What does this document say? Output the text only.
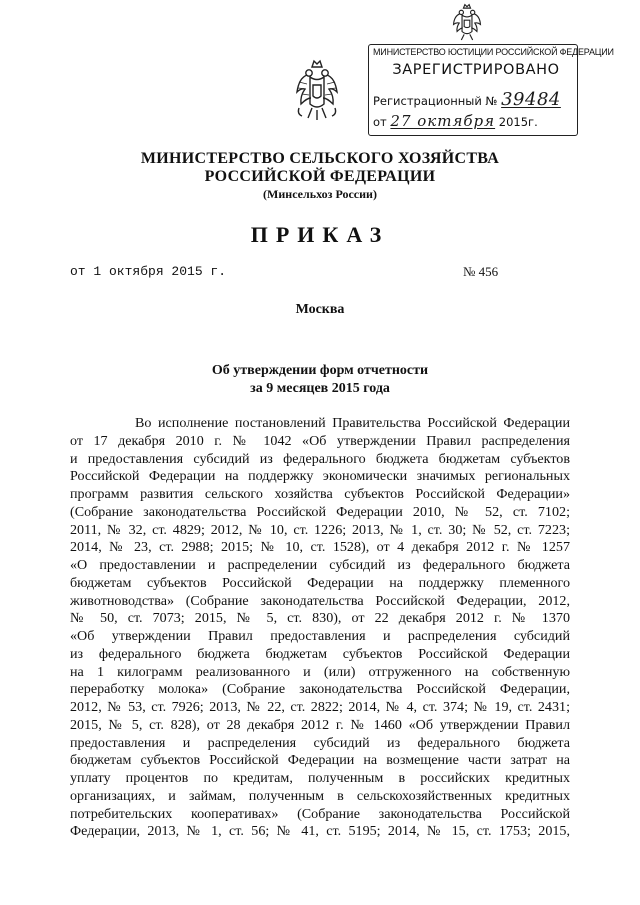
МИНИСТЕРСТВО ЮСТИЦИИ РОССИЙСКОЙ ФЕДЕРАЦИИ
ЗАРЕГИСТРИРОВАНО
Регистрационный № 39484
от 27 октября 2015г.
МИНИСТЕРСТВО СЕЛЬСКОГО ХОЗЯЙСТВА
РОССИЙСКОЙ ФЕДЕРАЦИИ
(Минсельхоз России)
ПРИКАЗ
от 1 октября 2015 г.	№ 456
Москва
Об утверждении форм отчетности
за 9 месяцев 2015 года
Во исполнение постановлений Правительства Российской Федерации
от 17 декабря 2010 г. № 1042 «Об утверждении Правил распределения
и предоставления субсидий из федерального бюджета бюджетам субъектов
Российской Федерации на поддержку экономически значимых региональных
программ развития сельского хозяйства субъектов Российской Федерации»
(Собрание законодательства Российской Федерации 2010, № 52, ст. 7102;
2011, № 32, ст. 4829; 2012, № 10, ст. 1226; 2013, № 1, ст. 30; № 52, ст. 7223;
2014, № 23, ст. 2988; 2015; № 10, ст. 1528), от 4 декабря 2012 г. № 1257
«О предоставлении и распределении субсидий из федерального бюджета
бюджетам субъектов Российской Федерации на поддержку племенного
животноводства» (Собрание законодательства Российской Федерации, 2012,
№ 50, ст. 7073; 2015, № 5, ст. 830), от 22 декабря 2012 г. № 1370
«Об утверждении Правил предоставления и распределения субсидий
из федерального бюджета бюджетам субъектов Российской Федерации
на 1 килограмм реализованного и (или) отгруженного на собственную
переработку молока» (Собрание законодательства Российской Федерации,
2012, № 53, ст. 7926; 2013, № 22, ст. 2822; 2014, № 4, ст. 374; № 19, ст. 2431;
2015, № 5, ст. 828), от 28 декабря 2012 г. № 1460 «Об утверждении Правил
предоставления и распределения субсидий из федерального бюджета
бюджетам субъектов Российской Федерации на возмещение части затрат на
уплату процентов по кредитам, полученным в российских кредитных
организациях, и займам, полученным в сельскохозяйственных кредитных
потребительских кооперативах» (Собрание законодательства Российской
Федерации, 2013, № 1, ст. 56; № 41, ст. 5195; 2014, № 15, ст. 1753; 2015,
